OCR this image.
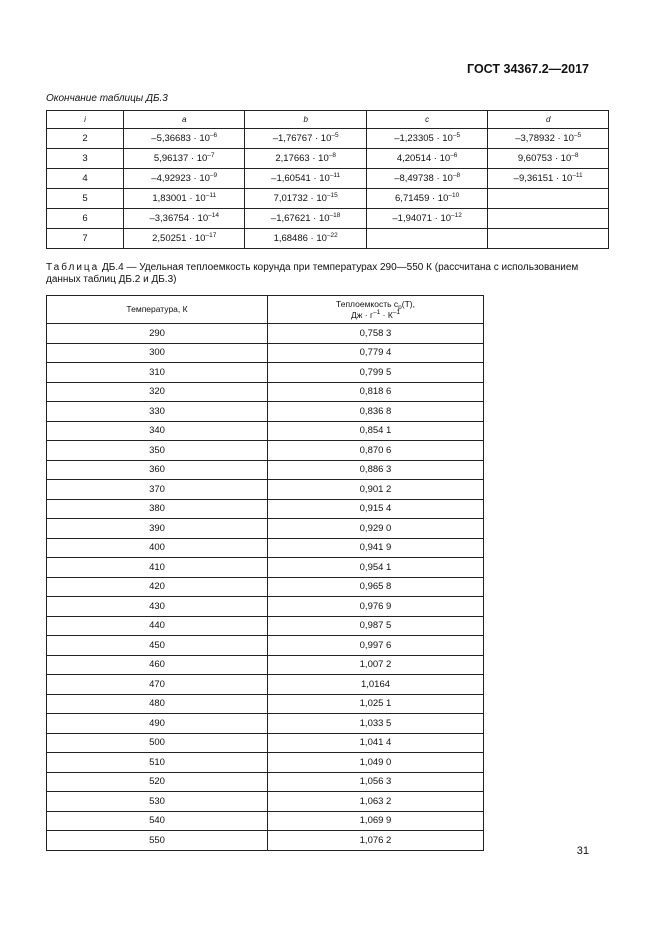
ГОСТ 34367.2—2017
Окончание таблицы ДБ.3
i	a	b	c	d
2	$-5,36683 \cdot 10^{-6}$	$-1,76767 \cdot 10^{-5}$	$-1,23305 \cdot 10^{-5}$	$-3,78932 \cdot 10^{-5}$
3	$5,96137 \cdot 10^{-7}$	$2,17663 \cdot 10^{-8}$	$4,20514 \cdot 10^{-6}$	$9,60753 \cdot 10^{-8}$
4	$-4,92923 \cdot 10^{-9}$	$-1,60541 \cdot 10^{-11}$	$-8,49738 \cdot 10^{-8}$	$-9,36151 \cdot 10^{-11}$
5	$1,83001 \cdot 10^{-11}$	$7,01732 \cdot 10^{-15}$	$6,71459 \cdot 10^{-10}$	
6	$-3,36754 \cdot 10^{-14}$	$-1,67621 \cdot 10^{-18}$	$-1,94071 \cdot 10^{-12}$	
7	$2,50251 \cdot 10^{-17}$	$1,68486 \cdot 10^{-22}$		
Таблица ДБ.4 — Удельная теплоемкость корунда при температурах 290—550 К (рассчитана с использованием данных таблиц ДБ.2 и ДБ.3)
Температура, К	Теплоемкость $c_p(T)$,
Дж · $г^{-1} \cdot К^{-1}$
290	0,758 3
300	0,779 4
310	0,799 5
320	0,818 6
330	0,836 8
340	0,854 1
350	0,870 6
360	0,886 3
370	0,901 2
380	0,915 4
390	0,929 0
400	0,941 9
410	0,954 1
420	0,965 8
430	0,976 9
440	0,987 5
450	0,997 6
460	1,007 2
470	1,0164
480	1,025 1
490	1,033 5
500	1,041 4
510	1,049 0
520	1,056 3
530	1,063 2
540	1,069 9
550	1,076 2
31
